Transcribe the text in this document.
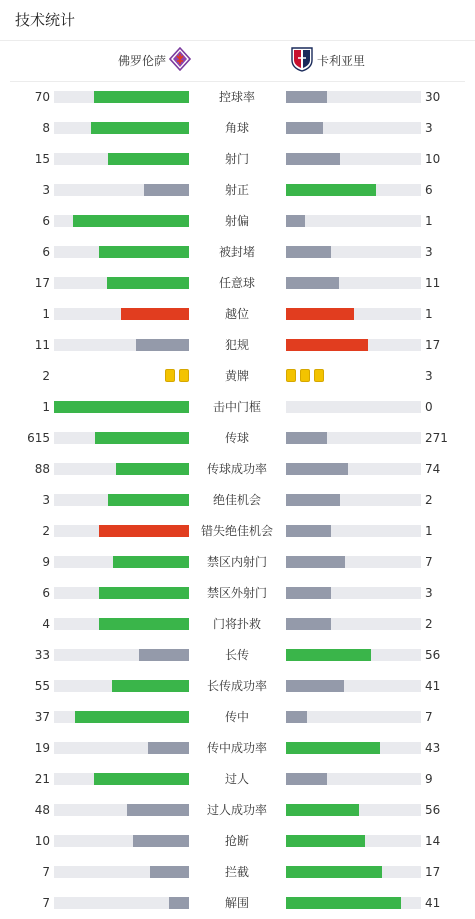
技术统计
佛罗伦萨	卡利亚里
70	控球率	30
8	角球	3
15	射门	10
3	射正	6
6	射偏	1
6	被封堵	3
17	任意球	11
1	越位	1
11	犯规	17
2	黄牌	3
1	击中门框	0
615	传球	271
88	传球成功率	74
3	绝佳机会	2
2	错失绝佳机会	1
9	禁区内射门	7
6	禁区外射门	3
4	门将扑救	2
33	长传	56
55	长传成功率	41
37	传中	7
19	传中成功率	43
21	过人	9
48	过人成功率	56
10	抢断	14
7	拦截	17
7	解围	41
